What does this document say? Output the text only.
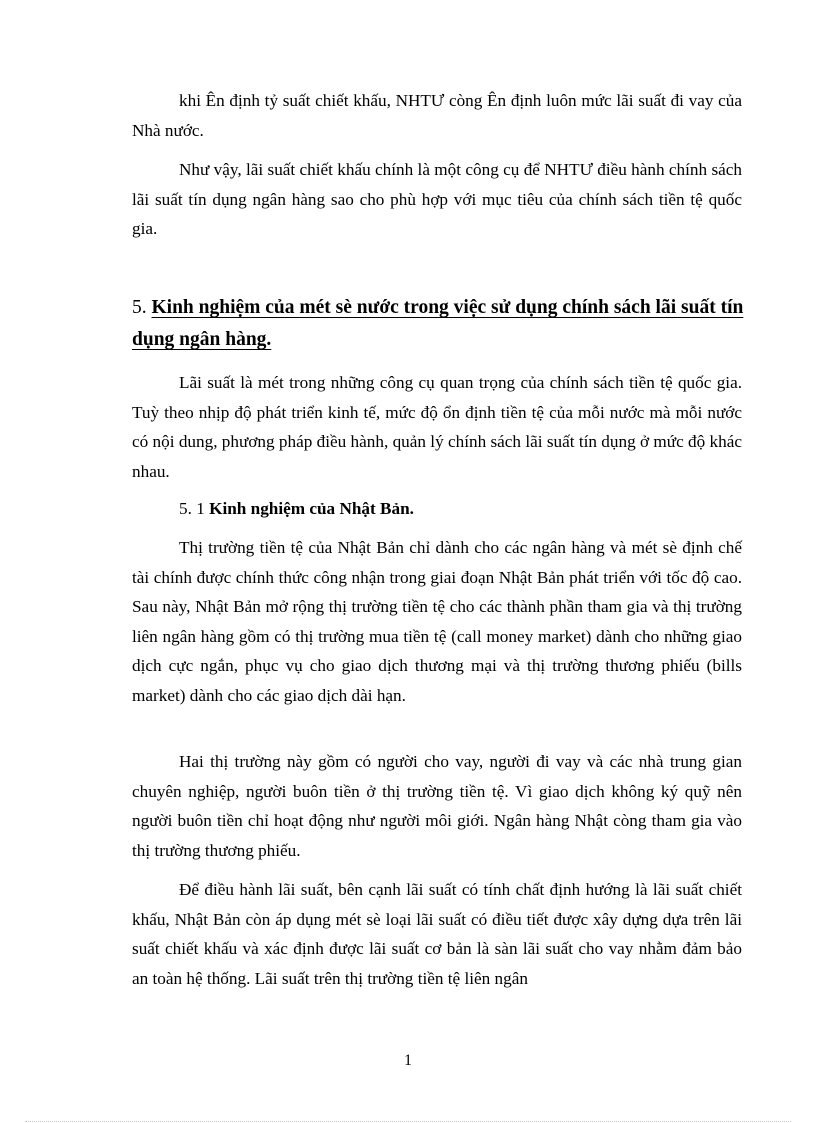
khi Ên định tỷ suất chiết khấu, NHTƯ còng Ên định luôn mức lãi suất đi vay của Nhà nước.

Như vậy, lãi suất chiết khấu chính là một công cụ để NHTƯ điều hành chính sách lãi suất tín dụng ngân hàng sao cho phù hợp với mục tiêu của chính sách tiền tệ quốc gia.

5. Kinh nghiệm của mét sè nước trong việc sử dụng chính sách lãi suất tín dụng ngân hàng.

Lãi suất là mét trong những công cụ quan trọng của chính sách tiền tệ quốc gia. Tuỳ theo nhịp độ phát triển kinh tế, mức độ ổn định tiền tệ của mỗi nước mà mỗi nước có nội dung, phương pháp điều hành, quản lý chính sách lãi suất tín dụng ở mức độ khác nhau.

5. 1 Kinh nghiệm của Nhật Bản.

Thị trường tiền tệ của Nhật Bản chỉ dành cho các ngân hàng và mét sè định chế tài chính được chính thức công nhận trong giai đoạn Nhật Bản phát triển với tốc độ cao. Sau này, Nhật Bản mở rộng thị trường tiền tệ cho các thành phần tham gia và thị trường liên ngân hàng gồm có thị trường mua tiền tệ (call money market) dành cho những giao dịch cực ngắn, phục vụ cho giao dịch thương mại và thị trường thương phiếu (bills market) dành cho các giao dịch dài hạn.

Hai thị trường này gồm có người cho vay, người đi vay và các nhà trung gian chuyên nghiệp, người buôn tiền ở thị trường tiền tệ. Vì giao dịch không ký quỹ nên người buôn tiền chỉ hoạt động như người môi giới. Ngân hàng Nhật còng tham gia vào thị trường thương phiếu.

Để điều hành lãi suất, bên cạnh lãi suất có tính chất định hướng là lãi suất chiết khấu, Nhật Bản còn áp dụng mét sè loại lãi suất có điều tiết được xây dựng dựa trên lãi suất chiết khấu và xác định được lãi suất cơ bản là sàn lãi suất cho vay nhằm đảm bảo an toàn hệ thống. Lãi suất trên thị trường tiền tệ liên ngân

1
